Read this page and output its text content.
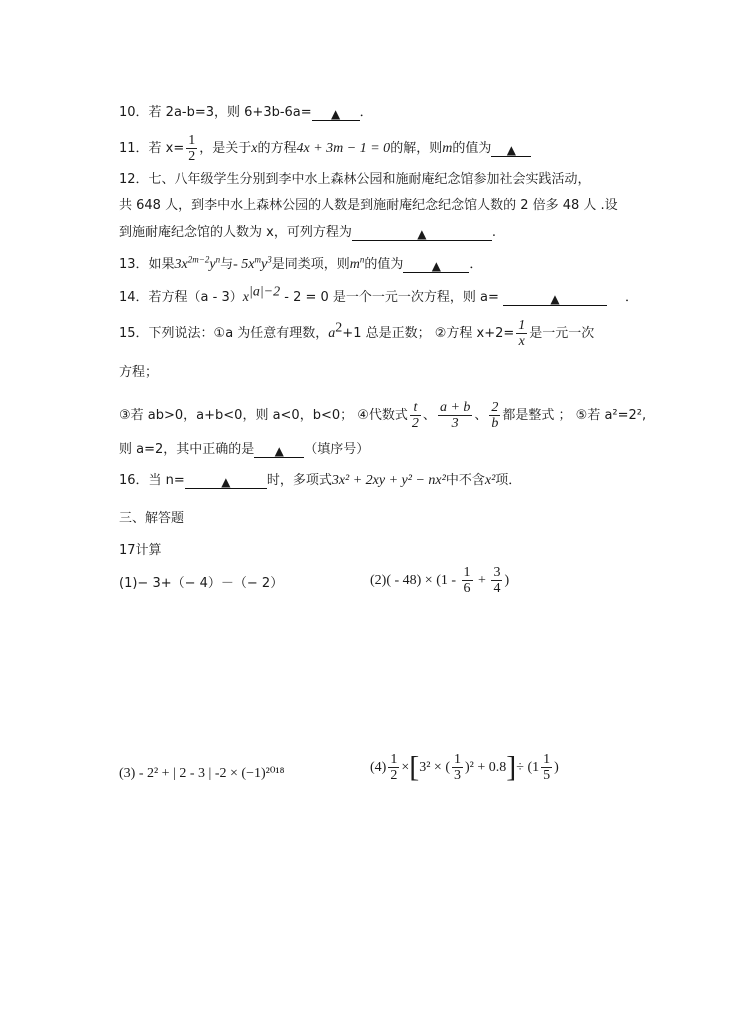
10．若 2a-b=3，则 6+3b-6a= ▲ ．
11．若 $x= \frac{1}{2}$ ，是关于x的方程4x + 3m − 1 = 0的解，则m的值为 ▲
12．七、八年级学生分别到李中水上森林公园和施耐庵纪念馆参加社会实践活动，
共 648 人，到李中水上森林公园的人数是到施耐庵纪念纪念馆人数的 2 倍多 48 人 .设
到施耐庵纪念馆的人数为 x，可列方程为	▲	.
13．如果$3x^{2m-2}y^n$与- $5x^my^3$是同类项，则$m^n$的值为 ▲ ．
14．若方程$(a - 3)x^{|a|-2} - 2 = 0$ 是一个一元一次方程，则 a=	▲	．
15．下列说法：①a 为任意有理数，$a^2+1$ 总是正数； ②方程 $x+2= \frac{1}{x}$ 是一元一次
方程；
③若 ab>0，a+b<0，则 a<0，b<0； ④代数式 $\frac{t}{2}$ 、 $\frac{a + b}{3}$ 、 $\frac{2}{b}$ 都是整式 ； ⑤若 a²=2²,
则 a=2，其中正确的是 ▲ （填序号）
16．当 n=	▲	时，多项式3x² + 2xy + y² − nx²中不含x²项．
三、解答题
17计算
(1)− 3+（− 4）－（− 2）	$(2)( - 48) \times (1 - \frac{1}{6} + \frac{3}{4}$ )
(3) - 2² + | 2 - 3 | -2 × (−1)²⁰¹⁸	$(4) \frac{1}{2} \times[3^2$ × ( $\frac{1}{3} )^2 + 0.8]\div (1 \frac{1}{5}$ )
